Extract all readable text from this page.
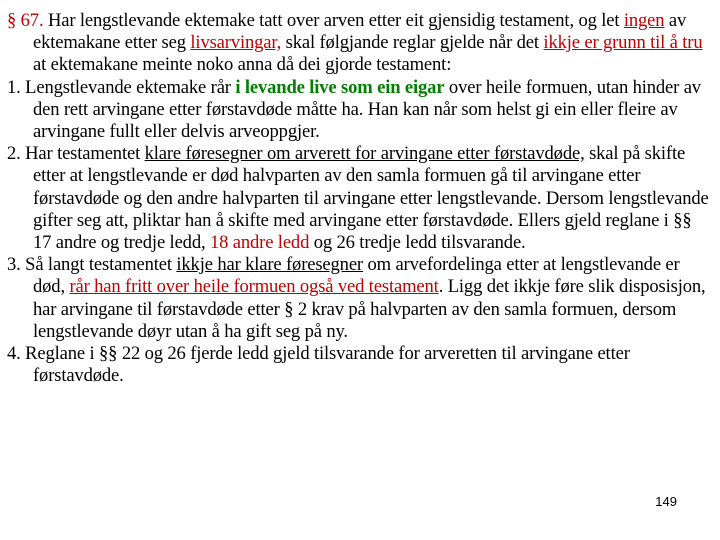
§ 67. Har lengstlevande ektemake tatt over arven etter eit gjensidig testament, og let ingen av ektemakane etter seg livsarvingar, skal følgjande reglar gjelde når det ikkje er grunn til å tru at ektemakane meinte noko anna då dei gjorde testament:

1. Lengstlevande ektemake rår i levande live som ein eigar over heile formuen, utan hinder av den rett arvingane etter førstavdøde måtte ha. Han kan når som helst gi ein eller fleire av arvingane fullt eller delvis arveoppgjer.

2. Har testamentet klare føresegner om arverett for arvingane etter førstavdøde, skal på skifte etter at lengstlevande er død halvparten av den samla formuen gå til arvingane etter førstavdøde og den andre halvparten til arvingane etter lengstlevande. Dersom lengstlevande gifter seg att, pliktar han å skifte med arvingane etter førstavdøde. Ellers gjeld reglane i §§ 17 andre og tredje ledd, 18 andre ledd og 26 tredje ledd tilsvarande.

3. Så langt testamentet ikkje har klare føresegner om arvefordelinga etter at lengstlevande er død, rår han fritt over heile formuen også ved testament. Ligg det ikkje føre slik disposisjon, har arvingane til førstavdøde etter § 2 krav på halvparten av den samla formuen, dersom lengstlevande døyr utan å ha gift seg på ny.

4. Reglane i §§ 22 og 26 fjerde ledd gjeld tilsvarande for arveretten til arvingane etter førstavdøde.

149
